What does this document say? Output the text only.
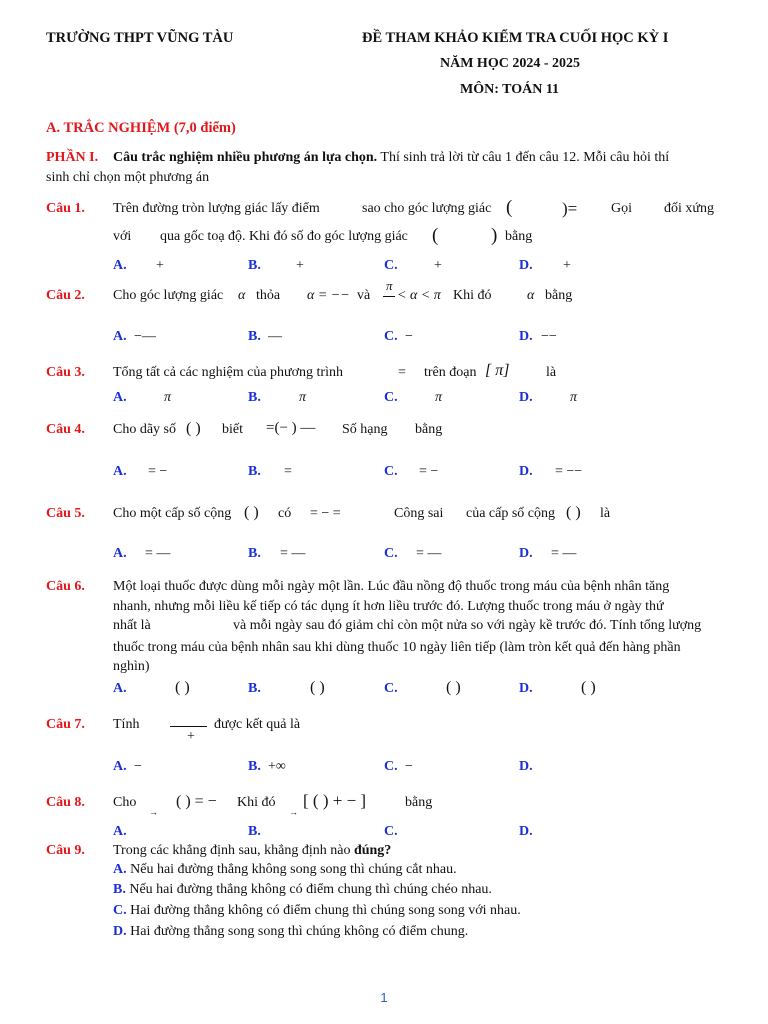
TRƯỜNG THPT VŨNG TÀU	ĐỀ THAM KHẢO KIỂM TRA CUỐI HỌC KỲ I
NĂM HỌC 2024 - 2025
MÔN: TOÁN 11
A. TRẮC NGHIỆM (7,0 điểm)
PHẦN I. Câu trắc nghiệm nhiều phương án lựa chọn. Thí sinh trả lời từ câu 1 đến câu 12. Mỗi câu hỏi thí
sinh chỉ chọn một phương án
Câu 1. Trên đường tròn lượng giác lấy điểm	sao cho góc lượng giác (	)= Gọi đối xứng
với qua gốc toạ độ. Khi đó số đo góc lượng giác (	) bằng
A. +	B.	+	C.	+	D. +
Câu 2. Cho góc lượng giác α thỏa α = −− và
π
< α < π Khi đó	α bằng
A. −—	B. —	C. −	D. −−
Câu 3. Tổng tất cả các nghiệm của phương trình	= trên đoạn [ π]	là
A.	π	B.	π	C.	π	D.	π
Câu 4. Cho dãy số ( ) biết =(− ) — Số hạng bằng
A. = −	B. =	C. = −	D. = −−
Câu 5. Cho một cấp số cộng ( ) có = − =	Công sai của cấp số cộng ( ) là
A. = —	B. = —	C. = —	D. = —
Câu 6. Một loại thuốc được dùng mỗi ngày một lần. Lúc đầu nồng độ thuốc trong máu của bệnh nhân tăng
nhanh, nhưng mỗi liều kế tiếp có tác dụng ít hơn liều trước đó. Lượng thuốc trong máu ở ngày thứ
nhất là	và mỗi ngày sau đó giảm chỉ còn một nửa so với ngày kề trước đó. Tính tổng lượng
thuốc trong máu của bệnh nhân sau khi dùng thuốc 10 ngày liên tiếp (làm tròn kết quả đến hàng phần
nghìn)
A.	( )	B.	( )	C.	( )	D.	( )
Câu 7. Tính
+
được kết quả là
A. −	B. +∞	C. −	D.
Câu 8. Cho
→
( ) = − Khi đó
→
[ ( ) + − ]	bằng
A.	B.	C.	D.
Câu 9. Trong các khẳng định sau, khẳng định nào đúng?
A. Nếu hai đường thẳng không song song thì chúng cắt nhau.
B. Nếu hai đường thẳng không có điểm chung thì chúng chéo nhau.
C. Hai đường thẳng không có điểm chung thì chúng song song với nhau.
D. Hai đường thẳng song song thì chúng không có điểm chung.
1
